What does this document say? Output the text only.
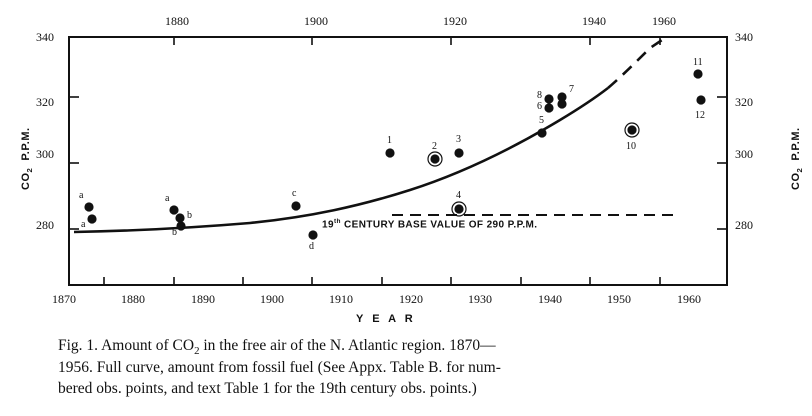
$CO_2$  P.P.M.
$CO_2$  P.P.M.
1880	1900	1920	1940	1960
340
320
300
280
340
320
300
280
a
a
a
b
b
c
d
1
2
3
4
5
6
7
8
10
11
12
19th CENTURY BASE VALUE OF 290 P.P.M.
1870	1880	1890	1900	1910	1920	1930	1940	1950	1960
Y E A R
Fig. 1. Amount of $CO_2$ in the free air of the N. Atlantic region. 1870—
1956. Full curve, amount from fossil fuel (See Appx. Table B. for num-
bered obs. points, and text Table 1 for the 19th century obs. points.)
